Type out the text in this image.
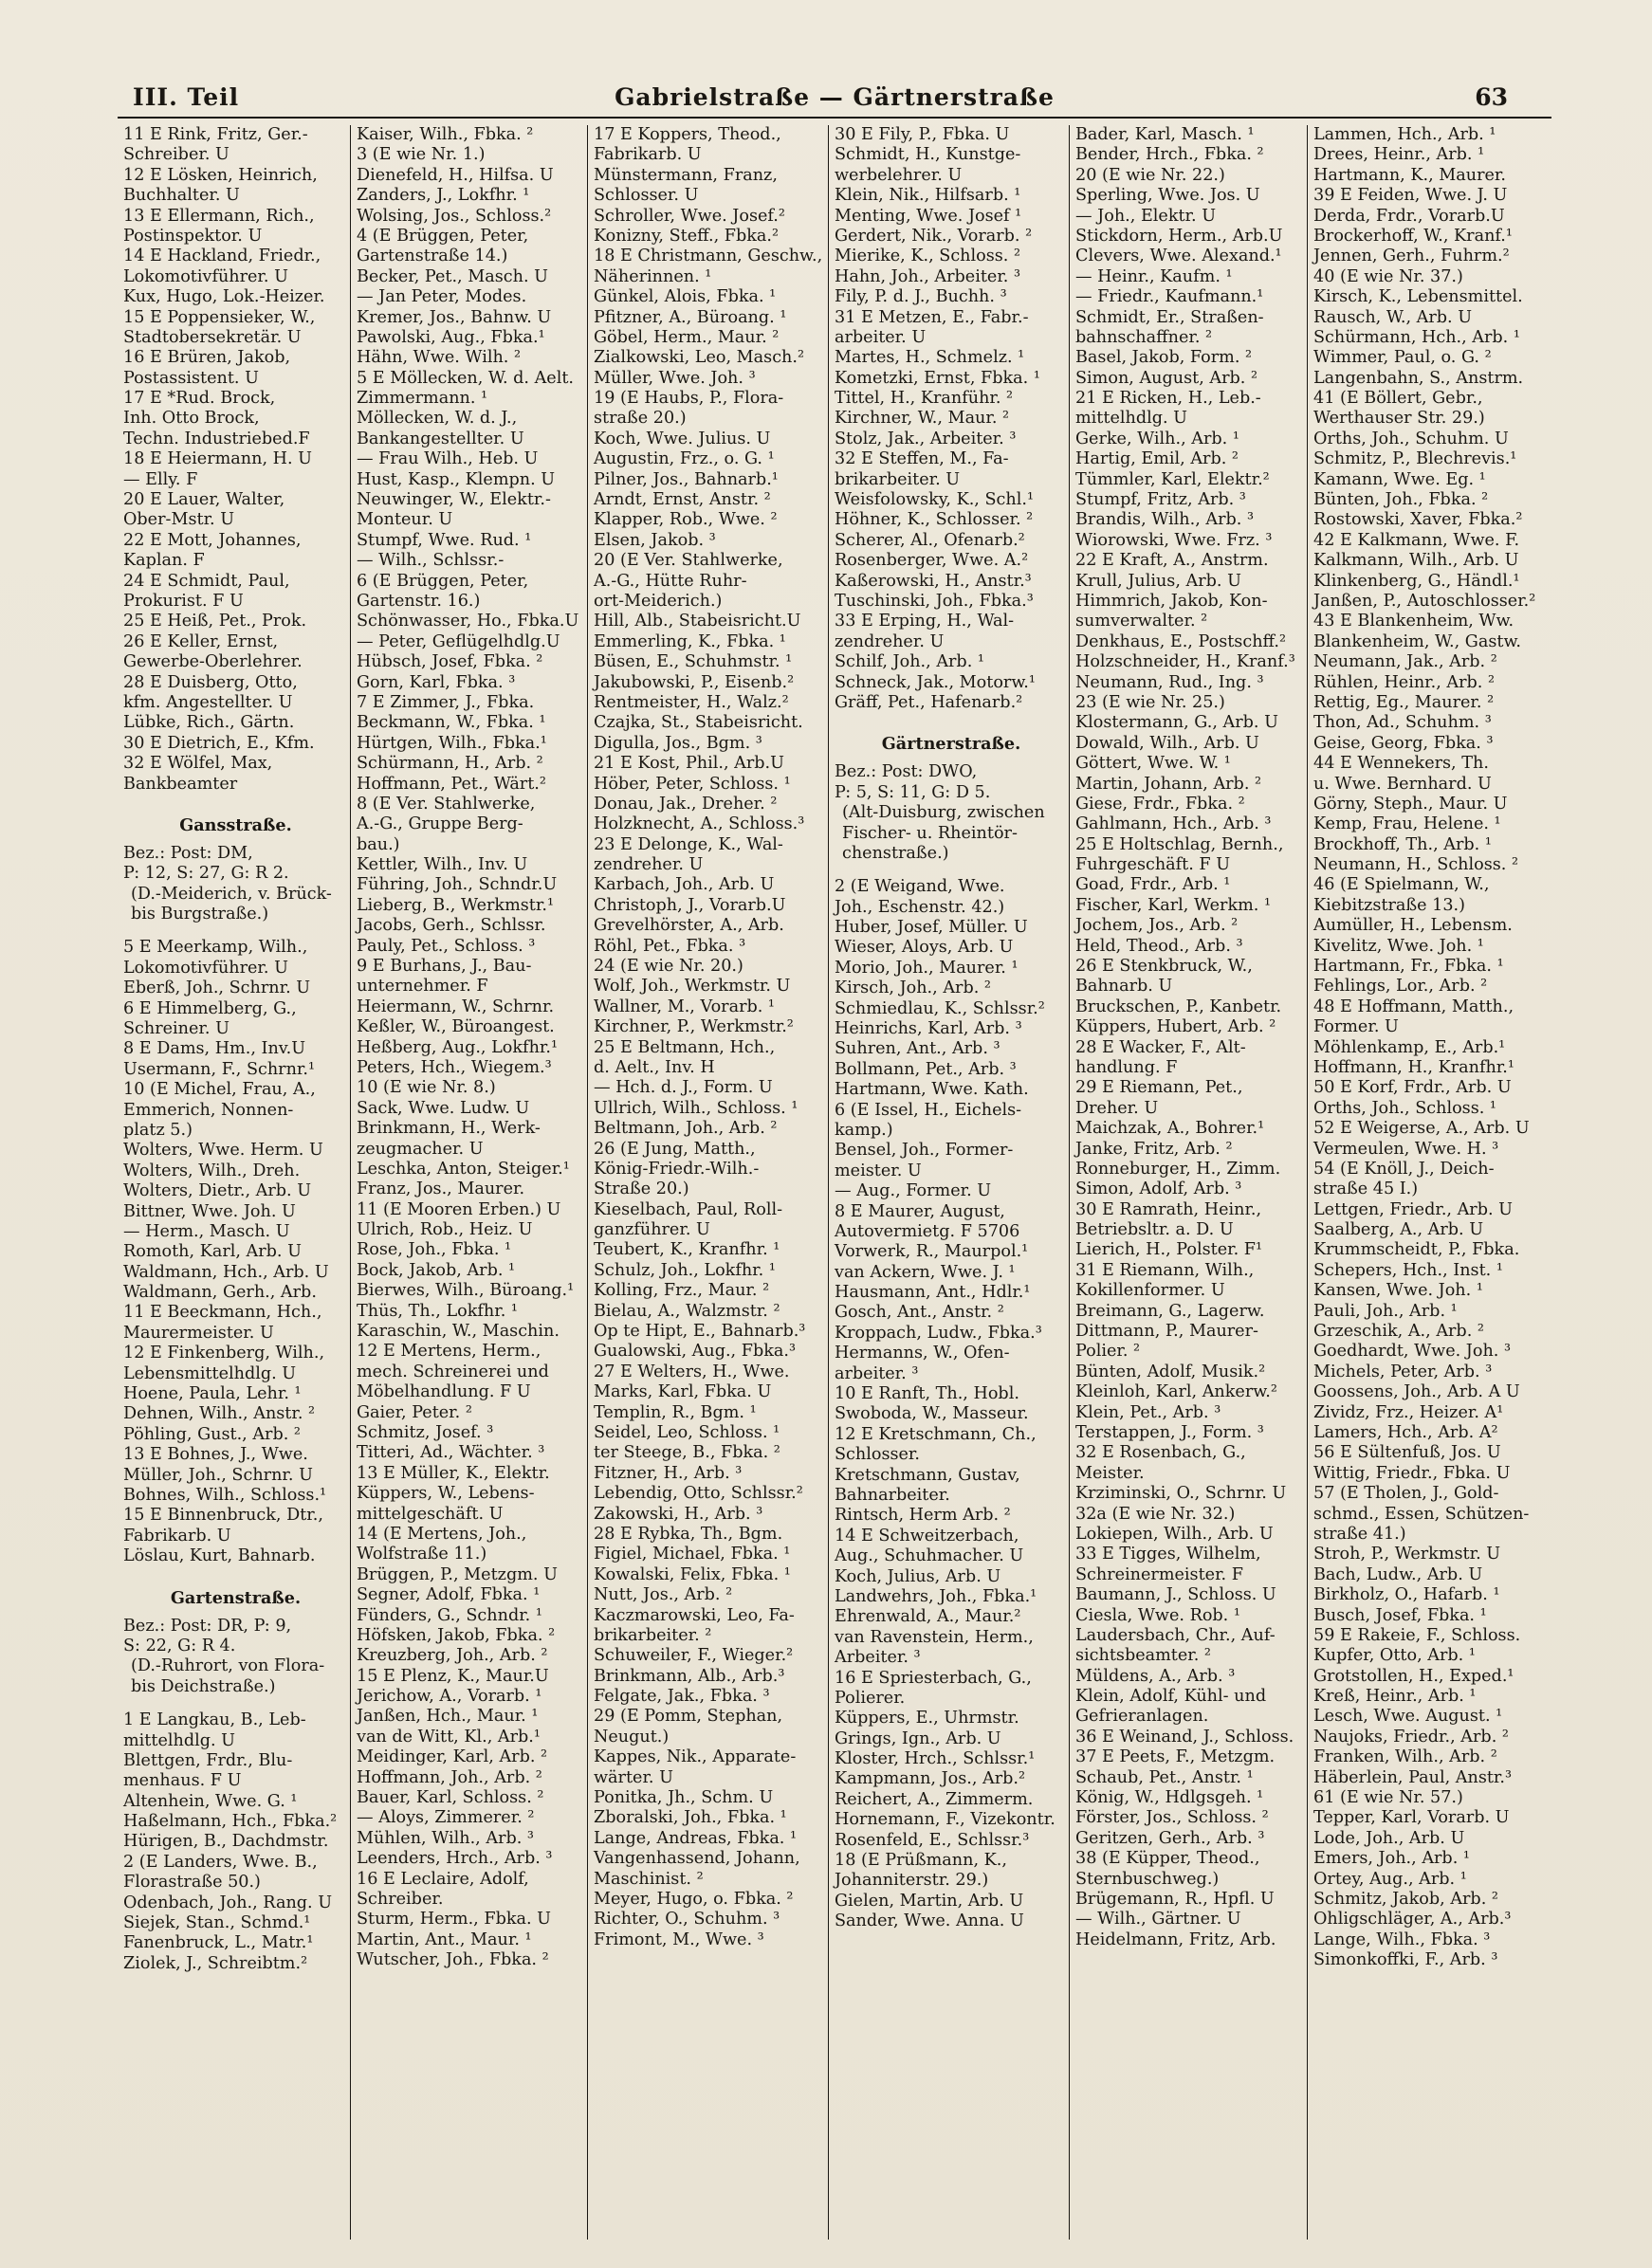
III. Teil	Gabrielstraße — Gärtnerstraße	63
11 E Rink, Fritz, Ger.-
Schreiber. U
12 E Lösken, Heinrich,
Buchhalter. U
13 E Ellermann, Rich.,
Postinspektor. U
14 E Hackland, Friedr.,
Lokomotivführer. U
Kux, Hugo, Lok.-Heizer.
15 E Poppensieker, W.,
Stadtobersekretär. U
16 E Brüren, Jakob,
Postassistent. U
17 E *Rud. Brock,
Inh. Otto Brock,
Techn. Industriebed.F
18 E Heiermann, H. U
— Elly. F
20 E Lauer, Walter,
Ober-Mstr. U
22 E Mott, Johannes,
Kaplan. F
24 E Schmidt, Paul,
Prokurist. F U
25 E Heiß, Pet., Prok.
26 E Keller, Ernst,
Gewerbe-Oberlehrer.
28 E Duisberg, Otto,
kfm. Angestellter. U
Lübke, Rich., Gärtn.
30 E Dietrich, E., Kfm.
32 E Wölfel, Max,
Bankbeamter
Gansstraße.
Bez.: Post: DM,
P: 12, S: 27, G: R 2.
(D.-Meiderich, v. Brück-
bis Burgstraße.)
5 E Meerkamp, Wilh.,
Lokomotivführer. U
Eberß, Joh., Schrnr. U
6 E Himmelberg, G.,
Schreiner. U
8 E Dams, Hm., Inv.U
Usermann, F., Schrnr.¹
10 (E Michel, Frau, A.,
Emmerich, Nonnen-
platz 5.)
Wolters, Wwe. Herm. U
Wolters, Wilh., Dreh.
Wolters, Dietr., Arb. U
Bittner, Wwe. Joh. U
— Herm., Masch. U
Romoth, Karl, Arb. U
Waldmann, Hch., Arb. U
Waldmann, Gerh., Arb.
11 E Beeckmann, Hch.,
Maurermeister. U
12 E Finkenberg, Wilh.,
Lebensmittelhdlg. U
Hoene, Paula, Lehr. ¹
Dehnen, Wilh., Anstr. ²
Pöhling, Gust., Arb. ²
13 E Bohnes, J., Wwe.
Müller, Joh., Schrnr. U
Bohnes, Wilh., Schloss.¹
15 E Binnenbruck, Dtr.,
Fabrikarb. U
Löslau, Kurt, Bahnarb.
Gartenstraße.
Bez.: Post: DR, P: 9,
S: 22, G: R 4.
(D.-Ruhrort, von Flora-
bis Deichstraße.)
1 E Langkau, B., Leb-
mittelhdlg. U
Blettgen, Frdr., Blu-
menhaus. F U
Altenhein, Wwe. G. ¹
Haßelmann, Hch., Fbka.²
Hürigen, B., Dachdmstr.
2 (E Landers, Wwe. B.,
Florastraße 50.)
Odenbach, Joh., Rang. U
Siejek, Stan., Schmd.¹
Fanenbruck, L., Matr.¹
Ziolek, J., Schreibtm.²
Kaiser, Wilh., Fbka. ²
3 (E wie Nr. 1.)
Dienefeld, H., Hilfsa. U
Zanders, J., Lokfhr. ¹
Wolsing, Jos., Schloss.²
4 (E Brüggen, Peter,
Gartenstraße 14.)
Becker, Pet., Masch. U
— Jan Peter, Modes.
Kremer, Jos., Bahnw. U
Pawolski, Aug., Fbka.¹
Hähn, Wwe. Wilh. ²
5 E Möllecken, W. d. Aelt.
Zimmermann. ¹
Möllecken, W. d. J.,
Bankangestellter. U
— Frau Wilh., Heb. U
Hust, Kasp., Klempn. U
Neuwinger, W., Elektr.-
Monteur. U
Stumpf, Wwe. Rud. ¹
— Wilh., Schlssr.-
6 (E Brüggen, Peter,
Gartenstr. 16.)
Schönwasser, Ho., Fbka.U
— Peter, Geflügelhdlg.U
Hübsch, Josef, Fbka. ²
Gorn, Karl, Fbka. ³
7 E Zimmer, J., Fbka.
Beckmann, W., Fbka. ¹
Hürtgen, Wilh., Fbka.¹
Schürmann, H., Arb. ²
Hoffmann, Pet., Wärt.²
8 (E Ver. Stahlwerke,
A.-G., Gruppe Berg-
bau.)
Kettler, Wilh., Inv. U
Führing, Joh., Schndr.U
Lieberg, B., Werkmstr.¹
Jacobs, Gerh., Schlssr.
Pauly, Pet., Schloss. ³
9 E Burhans, J., Bau-
unternehmer. F
Heiermann, W., Schrnr.
Keßler, W., Büroangest.
Heßberg, Aug., Lokfhr.¹
Peters, Hch., Wiegem.³
10 (E wie Nr. 8.)
Sack, Wwe. Ludw. U
Brinkmann, H., Werk-
zeugmacher. U
Leschka, Anton, Steiger.¹
Franz, Jos., Maurer.
11 (E Mooren Erben.) U
Ulrich, Rob., Heiz. U
Rose, Joh., Fbka. ¹
Bock, Jakob, Arb. ¹
Bierwes, Wilh., Büroang.¹
Thüs, Th., Lokfhr. ¹
Karaschin, W., Maschin.
12 E Mertens, Herm.,
mech. Schreinerei und
Möbelhandlung. F U
Gaier, Peter. ²
Schmitz, Josef. ³
Titteri, Ad., Wächter. ³
13 E Müller, K., Elektr.
Küppers, W., Lebens-
mittelgeschäft. U
14 (E Mertens, Joh.,
Wolfstraße 11.)
Brüggen, P., Metzgm. U
Segner, Adolf, Fbka. ¹
Fünders, G., Schndr. ¹
Höfsken, Jakob, Fbka. ²
Kreuzberg, Joh., Arb. ²
15 E Plenz, K., Maur.U
Jerichow, A., Vorarb. ¹
Janßen, Hch., Maur. ¹
van de Witt, Kl., Arb.¹
Meidinger, Karl, Arb. ²
Hoffmann, Joh., Arb. ²
Bauer, Karl, Schloss. ²
— Aloys, Zimmerer. ²
Mühlen, Wilh., Arb. ³
Leenders, Hrch., Arb. ³
16 E Leclaire, Adolf,
Schreiber.
Sturm, Herm., Fbka. U
Martin, Ant., Maur. ¹
Wutscher, Joh., Fbka. ²
17 E Koppers, Theod.,
Fabrikarb. U
Münstermann, Franz,
Schlosser. U
Schroller, Wwe. Josef.²
Konizny, Steff., Fbka.²
18 E Christmann, Geschw.,
Näherinnen. ¹
Günkel, Alois, Fbka. ¹
Pfitzner, A., Büroang. ¹
Göbel, Herm., Maur. ²
Zialkowski, Leo, Masch.²
Müller, Wwe. Joh. ³
19 (E Haubs, P., Flora-
straße 20.)
Koch, Wwe. Julius. U
Augustin, Frz., o. G. ¹
Pilner, Jos., Bahnarb.¹
Arndt, Ernst, Anstr. ²
Klapper, Rob., Wwe. ²
Elsen, Jakob. ³
20 (E Ver. Stahlwerke,
A.-G., Hütte Ruhr-
ort-Meiderich.)
Hill, Alb., Stabeisricht.U
Emmerling, K., Fbka. ¹
Büsen, E., Schuhmstr. ¹
Jakubowski, P., Eisenb.²
Rentmeister, H., Walz.²
Czajka, St., Stabeisricht.
Digulla, Jos., Bgm. ³
21 E Kost, Phil., Arb.U
Höber, Peter, Schloss. ¹
Donau, Jak., Dreher. ²
Holzknecht, A., Schloss.³
23 E Delonge, K., Wal-
zendreher. U
Karbach, Joh., Arb. U
Christoph, J., Vorarb.U
Grevelhörster, A., Arb.
Röhl, Pet., Fbka. ³
24 (E wie Nr. 20.)
Wolf, Joh., Werkmstr. U
Wallner, M., Vorarb. ¹
Kirchner, P., Werkmstr.²
25 E Beltmann, Hch.,
d. Aelt., Inv. H
— Hch. d. J., Form. U
Ullrich, Wilh., Schloss. ¹
Beltmann, Joh., Arb. ²
26 (E Jung, Matth.,
König-Friedr.-Wilh.-
Straße 20.)
Kieselbach, Paul, Roll-
ganzführer. U
Teubert, K., Kranfhr. ¹
Schulz, Joh., Lokfhr. ¹
Kolling, Frz., Maur. ²
Bielau, A., Walzmstr. ²
Op te Hipt, E., Bahnarb.³
Gualowski, Aug., Fbka.³
27 E Welters, H., Wwe.
Marks, Karl, Fbka. U
Templin, R., Bgm. ¹
Seidel, Leo, Schloss. ¹
ter Steege, B., Fbka. ²
Fitzner, H., Arb. ³
Lebendig, Otto, Schlssr.²
Zakowski, H., Arb. ³
28 E Rybka, Th., Bgm.
Figiel, Michael, Fbka. ¹
Kowalski, Felix, Fbka. ¹
Nutt, Jos., Arb. ²
Kaczmarowski, Leo, Fa-
brikarbeiter. ²
Schuweiler, F., Wieger.²
Brinkmann, Alb., Arb.³
Felgate, Jak., Fbka. ³
29 (E Pomm, Stephan,
Neugut.)
Kappes, Nik., Apparate-
wärter. U
Ponitka, Jh., Schm. U
Zboralski, Joh., Fbka. ¹
Lange, Andreas, Fbka. ¹
Vangenhassend, Johann,
Maschinist. ²
Meyer, Hugo, o. Fbka. ²
Richter, O., Schuhm. ³
Frimont, M., Wwe. ³
30 E Fily, P., Fbka. U
Schmidt, H., Kunstge-
werbelehrer. U
Klein, Nik., Hilfsarb. ¹
Menting, Wwe. Josef ¹
Gerdert, Nik., Vorarb. ²
Mierike, K., Schloss. ²
Hahn, Joh., Arbeiter. ³
Fily, P. d. J., Buchh. ³
31 E Metzen, E., Fabr.-
arbeiter. U
Martes, H., Schmelz. ¹
Kometzki, Ernst, Fbka. ¹
Tittel, H., Kranführ. ²
Kirchner, W., Maur. ²
Stolz, Jak., Arbeiter. ³
32 E Steffen, M., Fa-
brikarbeiter. U
Weisfolowsky, K., Schl.¹
Höhner, K., Schlosser. ²
Scherer, Al., Ofenarb.²
Rosenberger, Wwe. A.²
Kaßerowski, H., Anstr.³
Tuschinski, Joh., Fbka.³
33 E Erping, H., Wal-
zendreher. U
Schilf, Joh., Arb. ¹
Schneck, Jak., Motorw.¹
Gräff, Pet., Hafenarb.²
Gärtnerstraße.
Bez.: Post: DWO,
P: 5, S: 11, G: D 5.
(Alt-Duisburg, zwischen
Fischer- u. Rheintör-
chenstraße.)
2 (E Weigand, Wwe.
Joh., Eschenstr. 42.)
Huber, Josef, Müller. U
Wieser, Aloys, Arb. U
Morio, Joh., Maurer. ¹
Kirsch, Joh., Arb. ²
Schmiedlau, K., Schlssr.²
Heinrichs, Karl, Arb. ³
Suhren, Ant., Arb. ³
Bollmann, Pet., Arb. ³
Hartmann, Wwe. Kath.
6 (E Issel, H., Eichels-
kamp.)
Bensel, Joh., Former-
meister. U
— Aug., Former. U
8 E Maurer, August,
Autovermietg. F 5706
Vorwerk, R., Maurpol.¹
van Ackern, Wwe. J. ¹
Hausmann, Ant., Hdlr.¹
Gosch, Ant., Anstr. ²
Kroppach, Ludw., Fbka.³
Hermanns, W., Ofen-
arbeiter. ³
10 E Ranft, Th., Hobl.
Swoboda, W., Masseur.
12 E Kretschmann, Ch.,
Schlosser.
Kretschmann, Gustav,
Bahnarbeiter.
Rintsch, Herm Arb. ²
14 E Schweitzerbach,
Aug., Schuhmacher. U
Koch, Julius, Arb. U
Landwehrs, Joh., Fbka.¹
Ehrenwald, A., Maur.²
van Ravenstein, Herm.,
Arbeiter. ³
16 E Spriesterbach, G.,
Polierer.
Küppers, E., Uhrmstr.
Grings, Ign., Arb. U
Kloster, Hrch., Schlssr.¹
Kampmann, Jos., Arb.²
Reichert, A., Zimmerm.
Hornemann, F., Vizekontr.
Rosenfeld, E., Schlssr.³
18 (E Prüßmann, K.,
Johanniterstr. 29.)
Gielen, Martin, Arb. U
Sander, Wwe. Anna. U
Bader, Karl, Masch. ¹
Bender, Hrch., Fbka. ²
20 (E wie Nr. 22.)
Sperling, Wwe. Jos. U
— Joh., Elektr. U
Stickdorn, Herm., Arb.U
Clevers, Wwe. Alexand.¹
— Heinr., Kaufm. ¹
— Friedr., Kaufmann.¹
Schmidt, Er., Straßen-
bahnschaffner. ²
Basel, Jakob, Form. ²
Simon, August, Arb. ²
21 E Ricken, H., Leb.-
mittelhdlg. U
Gerke, Wilh., Arb. ¹
Hartig, Emil, Arb. ²
Tümmler, Karl, Elektr.²
Stumpf, Fritz, Arb. ³
Brandis, Wilh., Arb. ³
Wiorowski, Wwe. Frz. ³
22 E Kraft, A., Anstrm.
Krull, Julius, Arb. U
Himmrich, Jakob, Kon-
sumverwalter. ²
Denkhaus, E., Postschff.²
Holzschneider, H., Kranf.³
Neumann, Rud., Ing. ³
23 (E wie Nr. 25.)
Klostermann, G., Arb. U
Dowald, Wilh., Arb. U
Göttert, Wwe. W. ¹
Martin, Johann, Arb. ²
Giese, Frdr., Fbka. ²
Gahlmann, Hch., Arb. ³
25 E Holtschlag, Bernh.,
Fuhrgeschäft. F U
Goad, Frdr., Arb. ¹
Fischer, Karl, Werkm. ¹
Jochem, Jos., Arb. ²
Held, Theod., Arb. ³
26 E Stenkbruck, W.,
Bahnarb. U
Bruckschen, P., Kanbetr.
Küppers, Hubert, Arb. ²
28 E Wacker, F., Alt-
handlung. F
29 E Riemann, Pet.,
Dreher. U
Maichzak, A., Bohrer.¹
Janke, Fritz, Arb. ²
Ronneburger, H., Zimm.
Simon, Adolf, Arb. ³
30 E Ramrath, Heinr.,
Betriebsltr. a. D. U
Lierich, H., Polster. F¹
31 E Riemann, Wilh.,
Kokillenformer. U
Breimann, G., Lagerw.
Dittmann, P., Maurer-
Polier. ²
Bünten, Adolf, Musik.²
Kleinloh, Karl, Ankerw.²
Klein, Pet., Arb. ³
Terstappen, J., Form. ³
32 E Rosenbach, G.,
Meister.
Krziminski, O., Schrnr. U
32a (E wie Nr. 32.)
Lokiepen, Wilh., Arb. U
33 E Tigges, Wilhelm,
Schreinermeister. F
Baumann, J., Schloss. U
Ciesla, Wwe. Rob. ¹
Laudersbach, Chr., Auf-
sichtsbeamter. ²
Müldens, A., Arb. ³
Klein, Adolf, Kühl- und
Gefrieranlagen.
36 E Weinand, J., Schloss.
37 E Peets, F., Metzgm.
Schaub, Pet., Anstr. ¹
König, W., Hdlgsgeh. ¹
Förster, Jos., Schloss. ²
Geritzen, Gerh., Arb. ³
38 (E Küpper, Theod.,
Sternbuschweg.)
Brügemann, R., Hpfl. U
— Wilh., Gärtner. U
Heidelmann, Fritz, Arb.
Lammen, Hch., Arb. ¹
Drees, Heinr., Arb. ¹
Hartmann, K., Maurer.
39 E Feiden, Wwe. J. U
Derda, Frdr., Vorarb.U
Brockerhoff, W., Kranf.¹
Jennen, Gerh., Fuhrm.²
40 (E wie Nr. 37.)
Kirsch, K., Lebensmittel.
Rausch, W., Arb. U
Schürmann, Hch., Arb. ¹
Wimmer, Paul, o. G. ²
Langenbahn, S., Anstrm.
41 (E Böllert, Gebr.,
Werthauser Str. 29.)
Orths, Joh., Schuhm. U
Schmitz, P., Blechrevis.¹
Kamann, Wwe. Eg. ¹
Bünten, Joh., Fbka. ²
Rostowski, Xaver, Fbka.²
42 E Kalkmann, Wwe. F.
Kalkmann, Wilh., Arb. U
Klinkenberg, G., Händl.¹
Janßen, P., Autoschlosser.²
43 E Blankenheim, Ww.
Blankenheim, W., Gastw.
Neumann, Jak., Arb. ²
Rühlen, Heinr., Arb. ²
Rettig, Eg., Maurer. ²
Thon, Ad., Schuhm. ³
Geise, Georg, Fbka. ³
44 E Wennekers, Th.
u. Wwe. Bernhard. U
Görny, Steph., Maur. U
Kemp, Frau, Helene. ¹
Brockhoff, Th., Arb. ¹
Neumann, H., Schloss. ²
46 (E Spielmann, W.,
Kiebitzstraße 13.)
Aumüller, H., Lebensm.
Kivelitz, Wwe. Joh. ¹
Hartmann, Fr., Fbka. ¹
Fehlings, Lor., Arb. ²
48 E Hoffmann, Matth.,
Former. U
Möhlenkamp, E., Arb.¹
Hoffmann, H., Kranfhr.¹
50 E Korf, Frdr., Arb. U
Orths, Joh., Schloss. ¹
52 E Weigerse, A., Arb. U
Vermeulen, Wwe. H. ³
54 (E Knöll, J., Deich-
straße 45 I.)
Lettgen, Friedr., Arb. U
Saalberg, A., Arb. U
Krummscheidt, P., Fbka.
Schepers, Hch., Inst. ¹
Kansen, Wwe. Joh. ¹
Pauli, Joh., Arb. ¹
Grzeschik, A., Arb. ²
Goedhardt, Wwe. Joh. ³
Michels, Peter, Arb. ³
Goossens, Joh., Arb. A U
Zividz, Frz., Heizer. A¹
Lamers, Hch., Arb. A²
56 E Sültenfuß, Jos. U
Wittig, Friedr., Fbka. U
57 (E Tholen, J., Gold-
schmd., Essen, Schützen-
straße 41.)
Stroh, P., Werkmstr. U
Bach, Ludw., Arb. U
Birkholz, O., Hafarb. ¹
Busch, Josef, Fbka. ¹
59 E Rakeie, F., Schloss.
Kupfer, Otto, Arb. ¹
Grotstollen, H., Exped.¹
Kreß, Heinr., Arb. ¹
Lesch, Wwe. August. ¹
Naujoks, Friedr., Arb. ²
Franken, Wilh., Arb. ²
Häberlein, Paul, Anstr.³
61 (E wie Nr. 57.)
Tepper, Karl, Vorarb. U
Lode, Joh., Arb. U
Emers, Joh., Arb. ¹
Ortey, Aug., Arb. ¹
Schmitz, Jakob, Arb. ²
Ohligschläger, A., Arb.³
Lange, Wilh., Fbka. ³
Simonkoffki, F., Arb. ³
